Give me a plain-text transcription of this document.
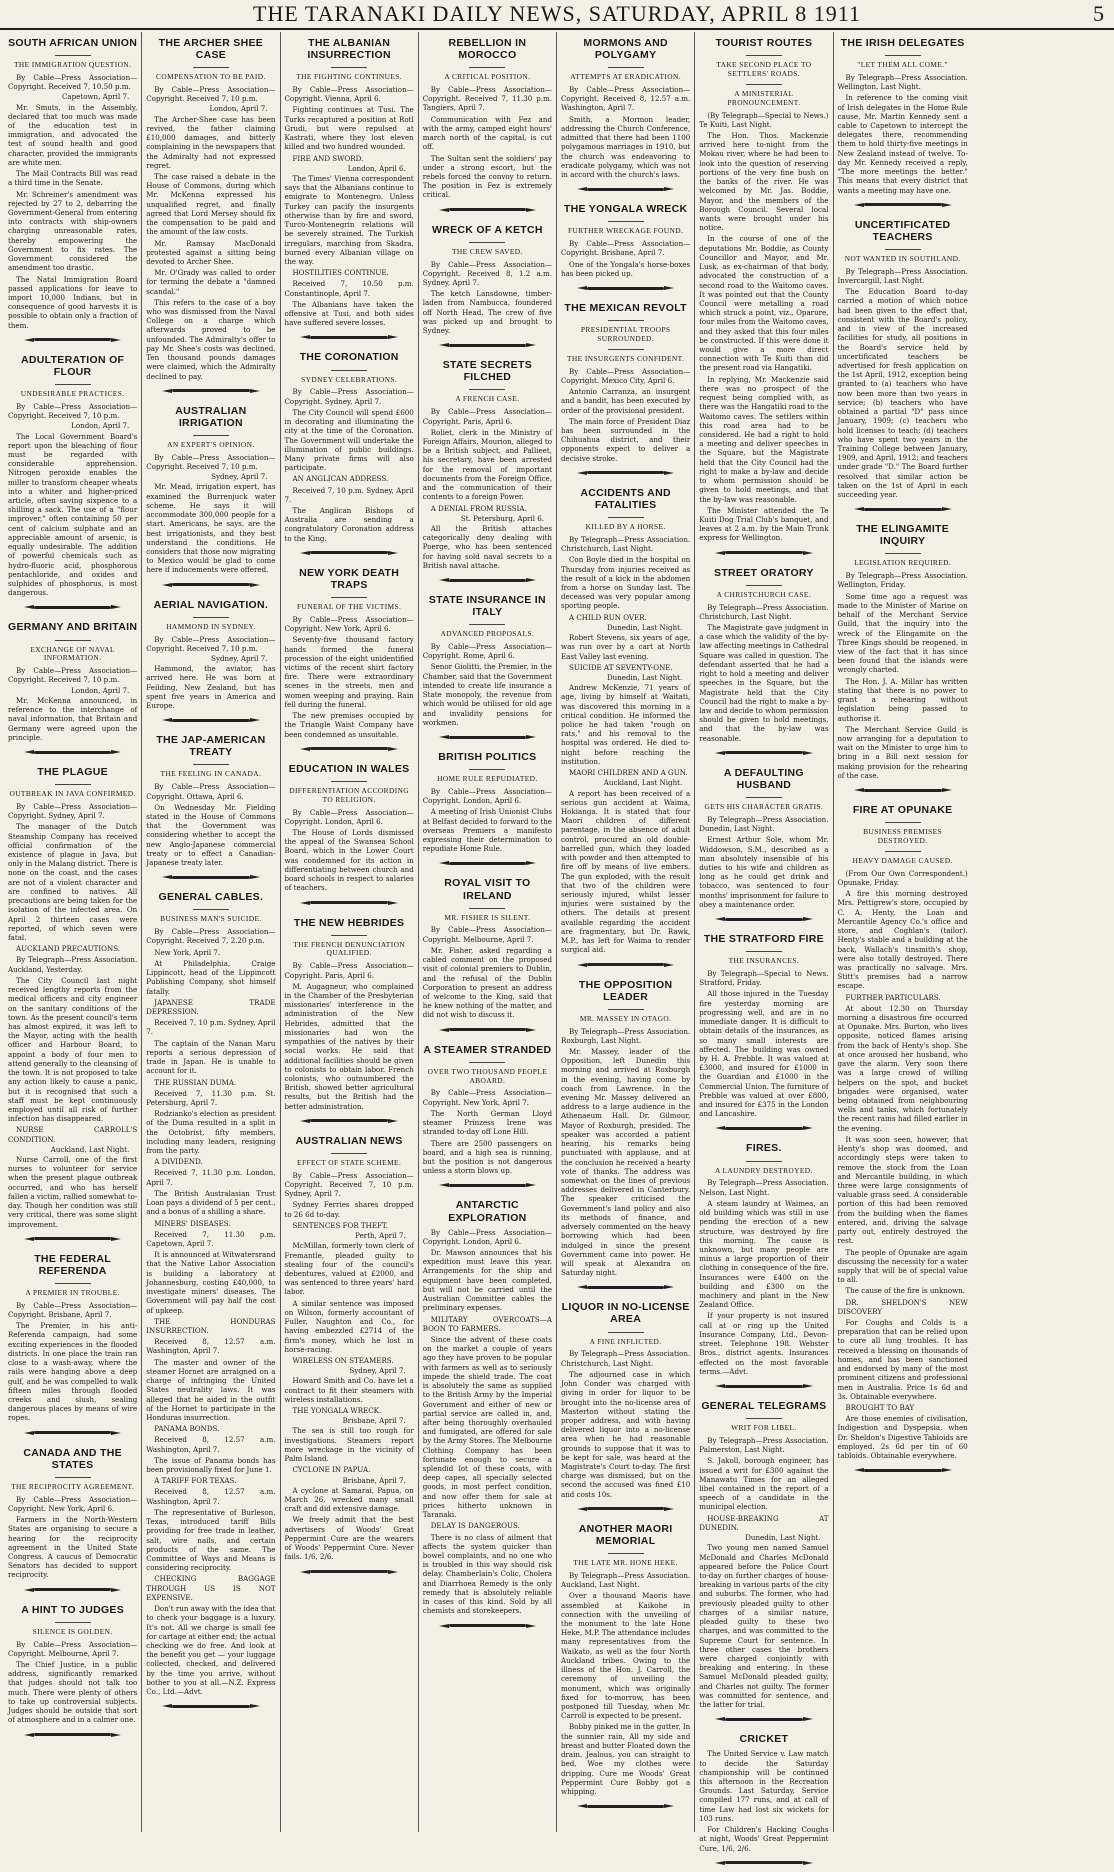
THE TARANAKI DAILY NEWS, SATURDAY, APRIL 8 1911	5
SOUTH AFRICAN UNION
THE IMMIGRATION QUESTION.

By Cable—Press Association—Copyright. Received 7, 10.50 p.m.

Capetown, April 7.

Mr. Smuts, in the Assembly, declared that too much was made of the education test in immigration, and advocated the test of sound health and good character, provided the immigrants are white men.

The Mail Contracts Bill was read a third time in the Senate.

Mr. Schreiner's amendment was rejected by 27 to 2, debarring the Government-General from entering into contracts with ship-owners charging unreasonable rates, thereby empowering the Government to fix rates. The Government considered the amendment too drastic.

The Natal Immigration Board passed applications for leave to import 10,000 Indians, but in consequence of good harvests it is possible to obtain only a fraction of them.

ADULTERATION OF FLOUR
UNDESIRABLE PRACTICES.

By Cable—Press Association—Copyright. Received 7, 10 p.m.

London, April 7.

The Local Government Board's report upon the bleaching of flour must be regarded with considerable apprehension. Nitrogen peroxide enables the miller to transform cheaper wheats into a whiter and higher-priced article, often saving sixpence to a shilling a sack. The use of a "flour improver," often containing 50 per cent of calcium sulphate and an appreciable amount of arsenic, is equally undesirable. The addition of powerful chemicals such as hydro-fluoric acid, phosphorous pentachloride, and oxides and sulphides of phosphorus, is most dangerous.

GERMANY AND BRITAIN
EXCHANGE OF NAVAL INFORMATION.

By Cable—Press Association—Copyright. Received 7, 10 p.m.

London, April 7.

Mr. McKenna announced, in reference to the interchange of naval information, that Britain and Germany were agreed upon the principle.

THE PLAGUE
OUTBREAK IN JAVA CONFIRMED.

By Cable—Press Association—Copyright. Sydney, April 7.

The manager of the Dutch Steamship Company has received official confirmation of the existence of plague in Java, but only in the Malang district. There is none on the coast, and the cases are not of a violent character and are confined to natives. All precautions are being taken for the isolation of the infected area. On April 2 thirteen cases were reported, of which seven were fatal.

AUCKLAND PRECAUTIONS.

By Telegraph—Press Association. Auckland, Yesterday.

The City Council last night received lengthy reports from the medical officers and city engineer on the sanitary conditions of the town. As the present council's term has almost expired, it was left to the Mayor, acting with the health officer and Harbour Board, to appoint a body of four men to attend generally to the cleansing of the town. It is not proposed to take any action likely to cause a panic, but it is recognised that such a staff must be kept continuously employed until all risk of further infection has disappeared.

NURSE CARROLL'S CONDITION.

Auckland, Last Night.

Nurse Carroll, one of the first nurses to volunteer for service when the present plague outbreak occurred, and who has herself fallen a victim, rallied somewhat to-day. Though her condition was still very critical, there was some slight improvement.

THE FEDERAL REFERENDA
A PREMIER IN TROUBLE.

By Cable—Press Association—Copyright. Brisbane, April 7.

The Premier, in his anti-Referenda campaign, had some exciting experiences in the flooded districts. In one place the train ran close to a wash-away, where the rails were hanging above a deep gulf, and he was compelled to walk fifteen miles through flooded creeks and slush, sealing dangerous places by means of wire ropes.

CANADA AND THE STATES
THE RECIPROCITY AGREEMENT.

By Cable—Press Association—Copyright. New York, April 6.

Farmers in the North-Western States are organising to secure a hearing for the reciprocity agreement in the United State Congress. A caucus of Democratic Senators has decided to support reciprocity.

A HINT TO JUDGES
SILENCE IS GOLDEN.

By Cable—Press Association—Copyright. Melbourne, April 7.

The Chief Justice, in a public address, significantly remarked that judges should not talk too much. There were plenty of others to take up controversial subjects. Judges should be outside that sort of atmosphere and in a calmer one.

THE ARCHER SHEE CASE
COMPENSATION TO BE PAID.

By Cable—Press Association—Copyright. Received 7, 10 p.m.

London, April 7.

The Archer-Shee case has been revived, the father claiming £10,000 damages, and bitterly complaining in the newspapers that the Admiralty had not expressed regret.

The case raised a debate in the House of Commons, during which Mr. McKenna expressed his unqualified regret, and finally agreed that Lord Mersey should fix the compensation to be paid and the amount of the law costs.

Mr. Ramsay MacDonald protested against a sitting being devoted to Archer Shee.

Mr. O'Grady was called to order for terming the debate a "damned scandal."

This refers to the case of a boy who was dismissed from the Naval College on a charge which afterwards proved to be unfounded. The Admiralty's offer to pay Mr. Shee's costs was declined. Ten thousand pounds damages were claimed, which the Admiralty declined to pay.

AUSTRALIAN IRRIGATION
AN EXPERT'S OPINION.

By Cable—Press Association—Copyright. Received 7, 10 p.m.

Sydney, April 7.

Mr. Mead, irrigation expert, has examined the Burrenjuck water scheme. He says it will accommodate 300,000 people for a start. Americans, he says, are the best irrigationists, and they best understand the conditions. He considers that those now migrating to Mexico would be glad to come here if inducements were offered.

AERIAL NAVIGATION.
HAMMOND IN SYDNEY.

By Cable—Press Association—Copyright. Received 7, 10 p.m.

Sydney, April 7.

Hammond, the aviator, has arrived here. He was born at Feilding, New Zealand, but has spent five years in America and Europe.

THE JAP-AMERICAN TREATY
THE FEELING IN CANADA.

By Cable—Press Association—Copyright. Ottawa, April 6.

On Wednesday Mr. Fielding stated in the House of Commons that the Government was considering whether to accept the new Anglo-Japanese commercial treaty or to effect a Canadian-Japanese treaty later.

GENERAL CABLES.
BUSINESS MAN'S SUICIDE.

By Cable—Press Association—Copyright. Received 7, 2.20 p.m.

New York, April 7.

At Philadelphia, Craige Lippincott, head of the Lippincott Publishing Company, shot himself fatally.

JAPANESE TRADE DEPRESSION.

Received 7, 10 p.m. Sydney, April 7.

The captain of the Nanan Maru reports a serious depression of trade in Japan. He is unable to account for it.

THE RUSSIAN DUMA.

Received 7, 11.30 p.m. St. Petersburg, April 7.

Rodzianko's election as president of the Duma resulted in a split in the Octobrist, fifty members, including many leaders, resigning from the party.

A DIVIDEND.

Received 7, 11.30 p.m. London, April 7.

The British Australasian Trust Loan pays a dividend of 5 per cent., and a bonus of a shilling a share.

MINERS' DISEASES.

Received 7, 11.30 p.m. Capetown, April 7.

It is announced at Witwatersrand that the Native Labor Association is building a laboratory at Johannesburg, costing £40,000, to investigate miners' diseases. The Government will pay half the cost of upkeep.

THE HONDURAS INSURRECTION.

Received 8, 12.57 a.m. Washington, April 7.

The master and owner of the steamer Hornet are arraigned on a charge of infringing the United States neutrality laws. It was alleged that he aided in the outfit of the Hornet to participate in the Honduras insurrection.

PANAMA BONDS.

Received 8, 12.57 a.m. Washington, April 7.

The issue of Panama bonds has been provisionally fixed for June 1.

A TARIFF FOR TEXAS.

Received 8, 12.57 a.m. Washington, April 7.

The representative of Burleson, Texas, introduced tariff Bills providing for free trade in leather, salt, wire nails, and certain products of the same. The Committee of Ways and Means is considering reciprocity.

CHECKING BAGGAGE THROUGH US IS NOT EXPENSIVE.

Don't run away with the idea that to check your baggage is a luxury. It's not. All we charge is small fee for cartage at either end; the actual checking we do free. And look at the benefit you get — your luggage collected, checked, and delivered by the time you arrive, without bother to you at all.—N.Z. Express Co., Ltd.—Advt.

THE ALBANIAN INSURRECTION
THE FIGHTING CONTINUES.

By Cable—Press Association—Copyright. Vienna, April 6.

Fighting continues at Tusi. The Turks recaptured a position at Rotl Grudi, but were repulsed at Kastrati, where they lost eleven killed and two hundred wounded.

FIRE AND SWORD.

London, April 6.

The Times' Vienna correspondent says that the Albanians continue to emigrate to Montenegro. Unless Turkey can pacify the insurgents otherwise than by fire and sword, Turco-Montenegrin relations will be severely strained. The Turkish irregulars, marching from Skadra, burned every Albanian village on the way.

HOSTILITIES CONTINUE.

Received 7, 10.50 p.m. Constantinople, April 7.

The Albanians have taken the offensive at Tusi, and both sides have suffered severe losses.

THE CORONATION
SYDNEY CELEBRATIONS.

By Cable—Press Association—Copyright. Sydney, April 7.

The City Council will spend £600 in decorating and illuminating the city at the time of the Coronation. The Government will undertake the illumination of public buildings. Many private firms will also participate.

AN ANGLICAN ADDRESS.

Received 7, 10 p.m. Sydney, April 7.

The Anglican Bishops of Australia are sending a congratulatory Coronation address to the King.

NEW YORK DEATH TRAPS
FUNERAL OF THE VICTIMS.

By Cable—Press Association—Copyright. New York, April 6.

Seventy-five thousand factory hands formed the funeral procession of the eight unidentified victims of the recent shirt factory fire. There were extraordinary scenes in the streets, men and women weeping and praying. Rain fell during the funeral.

The new premises occupied by the Triangle Waist Company have been condemned as unsuitable.

EDUCATION IN WALES
DIFFERENTIATION ACCORDING TO RELIGION.

By Cable—Press Association—Copyright. London, April 6.

The House of Lords dismissed the appeal of the Swansea School Board, which in the Lower Court was condemned for its action in differentiating between church and board schools in respect to salaries of teachers.

THE NEW HEBRIDES
THE FRENCH DENUNCIATION QUALIFIED.

By Cable—Press Association—Copyright. Paris, April 6.

M. Augagneur, who complained in the Chamber of the Presbyterian missionaries' interference in the administration of the New Hebrides, admitted that the missionaries had won the sympathies of the natives by their social works. He said that additional facilities should be given to colonists to obtain labor. French colonists, who outnumbered the British, showed better agricultural results, but the British had the better administration.

AUSTRALIAN NEWS
EFFECT OF STATE SCHEME.

By Cable—Press Association—Copyright. Received 7, 10 p.m. Sydney, April 7.

Sydney Ferries shares dropped to 26 6d to-day.

SENTENCES FOR THEFT.

Perth, April 7.

McMillan, formerly town clerk of Fremantle, pleaded guilty to stealing four of the council's debentures, valued at £2000, and was sentenced to three years' hard labor.

A similar sentence was imposed on Wilson, formerly accountant of Fuller, Naughton and Co., for having embezzled £2714 of the firm's money, which he lost in horse-racing.

WIRELESS ON STEAMERS.

Sydney, April 7.

Howard Smith and Co. have let a contract to fit their steamers with wireless installations.

THE YONGALA WRECK.

Brisbane, April 7.

The sea is still too rough for investigations. Steamers report more wreckage in the vicinity of Palm Island.

CYCLONE IN PAPUA.

Brisbane, April 7.

A cyclone at Samarai, Papua, on March 26, wrecked many small craft and did extensive damage.

We freely admit that the best advertisers of Woods' Great Peppermint Cure are the wearers of Woods' Peppermint Cure. Never fails. 1/6, 2/6.

REBELLION IN MOROCCO
A CRITICAL POSITION.

By Cable—Press Association—Copyright. Received 7, 11.30 p.m. Tangiers, April 7.

Communication with Fez and with the army, camped eight hours' march north of the capital, is cut off.

The Sultan sent the soldiers' pay under a strong escort, but the rebels forced the convoy to return. The position in Fez is extremely critical.

WRECK OF A KETCH
THE CREW SAVED.

By Cable—Press Association—Copyright. Received 8, 1.2 a.m. Sydney, April 7.

The ketch Lansdowne, timber-laden from Nambucca, foundered off North Head. The crew of five was picked up and brought to Sydney.

STATE SECRETS FILCHED
A FRENCH CASE.

By Cable—Press Association—Copyright. Paris, April 6.

Roliet, clerk in the Ministry of Foreign Affairs, Mourion, alleged to be a British subject, and Pallieet, his secretary, have been arrested for the removal of important documents from the Foreign Office, and the communication of their contents to a foreign Power.

A DENIAL FROM RUSSIA.

St. Petersburg, April 6.

All the British attaches categorically deny dealing with Poerge, who has been sentenced for having sold naval secrets to a British naval attache.

STATE INSURANCE IN ITALY
ADVANCED PROPOSALS.

By Cable—Press Association—Copyright. Rome, April 6.

Senor Giolitti, the Premier, in the Chamber, said that the Government intended to create life insurance a State monopoly, the revenue from which would be utilised for old age and invalidity pensions for workmen.

BRITISH POLITICS
HOME RULE REPUDIATED.

By Cable—Press Association—Copyright. London, April 6.

A meeting of Irish Unionist Clubs at Belfast decided to forward to the overseas Premiers a manifesto expressing their determination to repudiate Home Rule.

ROYAL VISIT TO IRELAND
MR. FISHER IS SILENT.

By Cable—Press Association—Copyright. Melbourne, April 7.

Mr. Fisher, asked regarding a cabled comment on the proposed visit of colonial premiers to Dublin, and the refusal of the Dublin Corporation to present an address of welcome to the King, said that he knew nothing of the matter, and did not wish to discuss it.

A STEAMER STRANDED
OVER TWO THOUSAND PEOPLE ABOARD.

By Cable—Press Association—Copyright. New York, April 7.

The North German Lloyd steamer Prinzess Irene was stranded to-day off Lone Hill.

There are 2500 passengers on board, and a high sea is running, but the position is not dangerous unless a storm blows up.

ANTARCTIC EXPLORATION

By Cable—Press Association—Copyright. London, April 6.

Dr. Mawson announces that his expedition must leave this year. Arrangements for the ship and equipment have been completed, but will not be carried until the Australian Committee cables the preliminary expenses.

MILITARY OVERCOATS—A BOON TO FARMERS.

Since the advent of these coats on the market a couple of years ago they have proven to be popular with farmers as well as to seriously impede the shield trade. The coat is absolutely the same as supplied to the British Army by the Imperial Government and either of new or partial service are called in, and, after being thoroughly overhauled and fumigated, are offered for sale by the Army Stores. The Melbourne Clothing Company has been fortunate enough to secure a splendid lot of these coats, with deep capes, all specially selected goods, in most perfect condition, and now offer them for sale at prices hitherto unknown in Taranaki.

DELAY IS DANGEROUS.

There is no class of ailment that affects the system quicker than bowel complaints, and no one who is troubled in this way should risk delay. Chamberlain's Colic, Cholera and Diarrhoea Remedy is the only remedy that is absolutely reliable in cases of this kind. Sold by all chemists and storekeepers.

MORMONS AND POLYGAMY
ATTEMPTS AT ERADICATION.

By Cable—Press Association—Copyright. Received 8, 12.57 a.m. Washington, April 7.

Smith, a Mormon leader, addressing the Church Conference, admitted that there had been 1100 polygamous marriages in 1910, but the church was endeavoring to eradicate polygamy, which was not in accord with the church's laws.

THE YONGALA WRECK
FURTHER WRECKAGE FOUND.

By Cable—Press Association—Copyright. Brisbane, April 7.

One of the Yongala's horse-boxes has been picked up.

THE MEXICAN REVOLT
PRESIDENTIAL TROOPS SURROUNDED.
THE INSURGENTS CONFIDENT.

By Cable—Press Association—Copyright. Mexico City, April 6.

Antonio Carranza, an insurgent and a bandit, has been executed by order of the provisional president.

The main force of President Diaz has been surrounded in the Chihuahua district, and their opponents expect to deliver a decisive stroke.

ACCIDENTS AND FATALITIES
KILLED BY A HORSE.

By Telegraph—Press Association. Christchurch, Last Night.

Con Boyle died in the hospital on Thursday from injuries received as the result of a kick in the abdomen from a horse on Sunday last. The deceased was very popular among sporting people.

A CHILD RUN OVER.

Dunedin, Last Night.

Robert Stevens, six years of age, was run over by a cart at North East Valley last evening.

SUICIDE AT SEVENTY-ONE.

Dunedin, Last Night.

Andrew McKenzie, 71 years of age, living by himself at Waitati, was discovered this morning in a critical condition. He informed the police he had taken "rough on rats," and his removal to the hospital was ordered. He died to-night before reaching the institution.

MAORI CHILDREN AND A GUN.

Auckland, Last Night.

A report has been received of a serious gun accident at Waima, Hokianga. It is stated that four Maori children of different parentage, in the absence of adult control, procured an old double-barrelled gun, which they loaded with powder and then attempted to fire off by means of live embers. The gun exploded, with the result that two of the children were seriously injured, whilst lesser injuries were sustained by the others. The details at present available regarding the accident are fragmentary, but Dr. Rawk, M.P., has left for Waima to render surgical aid.

THE OPPOSITION LEADER
MR. MASSEY IN OTAGO.

By Telegraph—Press Association. Roxburgh, Last Night.

Mr. Massey, leader of the Opposition, left Dunedin this morning and arrived at Roxburgh in the evening, having come by coach from Lawrence. In the evening Mr. Massey delivered an address to a large audience in the Athenaeum Hall. Dr. Gilmour, Mayor of Roxburgh, presided. The speaker was accorded a patient hearing, his remarks being punctuated with applause, and at the conclusion he received a hearty vote of thanks. The address was somewhat on the lines of previous addresses delivered in Canterbury. The speaker criticised the Government's land policy and also its methods of finance, and adversely commented on the heavy borrowing which had been indulged in since the present Government came into power. He will speak at Alexandra on Saturday night.

LIQUOR IN NO-LICENSE AREA
A FINE INFLICTED.

By Telegraph—Press Association. Christchurch, Last Night.

The adjourned case in which John Conder was charged with giving in order for liquor to be brought into the no-license area of Masterton without stating the proper address, and with having delivered liquor into a no-license area when he had reasonable grounds to suppose that it was to be kept for sale, was heard at the Magistrate's Court to-day. The first charge was dismissed, but on the second the accused was fined £10 and costs 10s.

ANOTHER MAORI MEMORIAL
THE LATE MR. HONE HEKE.

By Telegraph—Press Association. Auckland, Last Night.

Over a thousand Maoris have assembled at Kaikohe in connection with the unveiling of the monument to the late Hone Heke, M.P. The attendance includes many representatives from the Waikato, as well as the four North Auckland tribes. Owing to the illness of the Hon. J. Carroll, the ceremony of unveiling the monument, which was originally fixed for to-morrow, has been postponed till Tuesday, when Mr. Carroll is expected to be present.

Bobby pinked me in the gutter, In the sunnier rain, All my side and breast and butter Floated down the drain. Jealous, you can straight to bed, Woe my clothes were dripping. Cure me Woods' Great Peppermint Cure Bobby got a whipping.

TOURIST ROUTES
TAKE SECOND PLACE TO SETTLERS' ROADS.
A MINISTERIAL PRONOUNCEMENT.

(By Telegraph—Special to News.) Te Kuiti, Last Night.

The Hon. Thos. Mackenzie arrived here to-night from the Mokau river, where he had been to look into the question of reserving portions of the very fine bush on the banks of the river. He was welcomed by Mr. Jas. Boddie, Mayor, and the members of the Borough Council. Several local wants were brought under his notice.

In the course of one of the deputations Mr. Boddie, as County Councillor and Mayor, and Mr. Lusk, as ex-chairman of that body, advocated the construction of a second road to the Waitomo caves. It was pointed out that the County Council were metalling a road which struck a point, viz., Oparure, four miles from the Waitomo caves, and they asked that this four miles be constructed. If this were done it would give a more direct connection with Te Kuiti than did the present road via Hangatiki.

In replying, Mr. Mackenzie said there was no prospect of the request being complied with, as there was the Hangatiki road to the Waitomo caves. The settlers within this road area had to be considered. He had a right to hold a meeting and deliver speeches in the Square, but the Magistrate held that the City Council had the right to make a by-law and decide to whom permission should be given to hold meetings, and that the by-law was reasonable.

The Minister attended the Te Kuiti Dog Trial Club's banquet, and leaves at 2 a.m. by the Main Trunk express for Wellington.

STREET ORATORY
A CHRISTCHURCH CASE.

By Telegraph—Press Association. Christchurch, Last Night.

The Magistrate gave judgment in a case which the validity of the by-law affecting meetings in Cathedral Square was called in question. The defendant asserted that he had a right to hold a meeting and deliver speeches in the Square, but the Magistrate held that the City Council had the right to make a by-law and decide to whom permission should be given to hold meetings, and that the by-law was reasonable.

A DEFAULTING HUSBAND
GETS HIS CHARACTER GRATIS.

By Telegraph—Press Association. Dunedin, Last Night.

Ernest Arthur Sole, whom Mr. Widdowson, S.M., described as a man absolutely insensible of his duties to his wife and children as long as he could get drink and tobacco, was sentenced to four months' imprisonment for failure to obey a maintenance order.

THE STRATFORD FIRE
THE INSURANCES.

By Telegraph—Special to News. Stratford, Friday.

All those injured in the Tuesday fire yesterday morning are progressing well, and are in no immediate danger. It is difficult to obtain details of the insurances, as so many small interests are affected. The building was owned by H. A. Prebble. It was valued at £3000, and insured for £1000 in the Guardian and £1000 in the Commercial Union. The furniture of Prebble was valued at over £800, and insured for £375 in the London and Lancashire.

FIRES.
A LAUNDRY DESTROYED.

By Telegraph—Press Association. Nelson, Last Night.

A steam laundry at Waimea, an old building which was still in use pending the erection of a new structure, was destroyed by fire this morning. The cause is unknown, but many people are minus a large proportion of their clothing in consequence of the fire. Insurances were £400 on the building and £300 on the machinery and plant in the New Zealand Office.

If your property is not insured call at or ring up the United Insurance Company, Ltd., Devon-street. Telephone 198. Webster Bros., district agents. Insurances effected on the most favorable terms.—Advt.

GENERAL TELEGRAMS
WRIT FOR LIBEL.

By Telegraph—Press Association. Palmerston, Last Night.

S. Jakoll, borough engineer, has issued a writ for £300 against the Manawatu Times for an alleged libel contained in the report of a speech of a candidate in the municipal election.

HOUSE-BREAKING AT DUNEDIN.

Dunedin, Last Night.

Two young men named Samuel McDonald and Charles McDonald appeared before the Police Court to-day on further charges of house-breaking in various parts of the city and suburbs. The former, who had previously pleaded guilty to other charges of a similar nature, pleaded guilty to these two charges, and was committed to the Supreme Court for sentence. In three other cases the brothers were charged conjointly with breaking and entering. In these Samuel McDonald pleaded guilty, and Charles not guilty. The former was committed for sentence, and the latter for trial.

CRICKET

The United Service v. Law match to decide the Saturday championship will be continued this afternoon in the Recreation Grounds. Last Saturday, Service compiled 177 runs, and at call of time Law had lost six wickets for 103 runs.

For Children's Hacking Coughs at night, Woods' Great Peppermint Cure, 1/6, 2/6.

THE IRISH DELEGATES
"LET THEM ALL COME."

By Telegraph—Press Association. Wellington, Last Night.

In reference to the coming visit of Irish delegates in the Home Rule cause, Mr. Martin Kennedy sent a cable to Capetown to intercept the delegates there, recommending them to hold thirty-five meetings in New Zealand instead of twelve. To-day Mr. Kennedy received a reply, "The more meetings the better." This means that every district that wants a meeting may have one.

UNCERTIFICATED TEACHERS
NOT WANTED IN SOUTHLAND.

By Telegraph—Press Association. Invercargill, Last Night.

The Education Board to-day carried a motion of which notice had been given to the effect that, consistent with the Board's policy, and in view of the increased facilities for study, all positions in the Board's service held by uncertificated teachers be advertised for fresh application on the 1st April, 1912, exception being granted to (a) teachers who have now been more than two years in service; (b) teachers who have obtained a partial "D" pass since January, 1909; (c) teachers who hold licenses to teach; (d) teachers who have spent two years in the Training College between January, 1909, and April, 1912; and teachers under grade "D." The Board further resolved that similar action be taken on the 1st of April in each succeeding year.

THE ELINGAMITE INQUIRY
LEGISLATION REQUIRED.

By Telegraph—Press Association. Wellington, Friday.

Some time ago a request was made to the Minister of Marine on behalf of the Merchant Service Guild, that the inquiry into the wreck of the Elingamite on the Three Kings should be reopened, in view of the fact that it has since been found that the islands were wrongly charted.

The Hon. J. A. Millar has written stating that there is no power to grant a rehearing without legislation being passed to authorise it.

The Merchant Service Guild is now arranging for a deputation to wait on the Minister to urge him to bring in a Bill next session for making provision for the rehearing of the case.

FIRE AT OPUNAKE
BUSINESS PREMISES DESTROYED.
HEAVY DAMAGE CAUSED.

(From Our Own Correspondent.) Opunake, Friday.

A fire this morning destroyed Mrs. Pettigrew's store, occupied by C. A. Henty, the Loan and Mercantile Agency Co.'s office and store, and Coghlan's (tailor). Henty's stable and a building at the back, Wallach's tinsmith's shop, were also totally destroyed. There was practically no salvage. Mrs. Stitt's premises had a narrow escape.

FURTHER PARTICULARS.

At about 12.30 on Thursday morning a disastrous fire occurred at Opunake. Mrs. Burton, who lives opposite, noticed flames arising from the back of Henty's shop. She at once aroused her husband, who gave the alarm. Very soon there was a large crowd of willing helpers on the spot, and bucket brigades were organised, water being obtained from neighbouring wells and tanks, which fortunately the recent rains had filled earlier in the evening.

It was soon seen, however, that Henty's shop was doomed, and accordingly steps were taken to remove the stock from the Loan and Mercantile building, in which three were large consignments of valuable grass seed. A considerable portion of this had been removed from the building when the flames entered, and, driving the salvage party out, entirely destroyed the rest.

The people of Opunake are again discussing the necessity for a water supply that will be of special value to all.

The cause of the fire is unknown.

DR. SHELDON'S NEW DISCOVERY

For Coughs and Colds is a preparation that can be relied upon to cure all lung troubles. It has received a blessing on thousands of homes, and has been sanctioned and endorsed by many of the most prominent citizens and professional men in Australia. Price 1s 6d and 3s. Obtainable everywhere.

BROUGHT TO BAY

Are those enemies of civilisation, Indigestion and Dyspepsia, when Dr. Sheldon's Digestive Tabloids are employed. 2s 6d per tin of 60 tabloids. Obtainable everywhere.
